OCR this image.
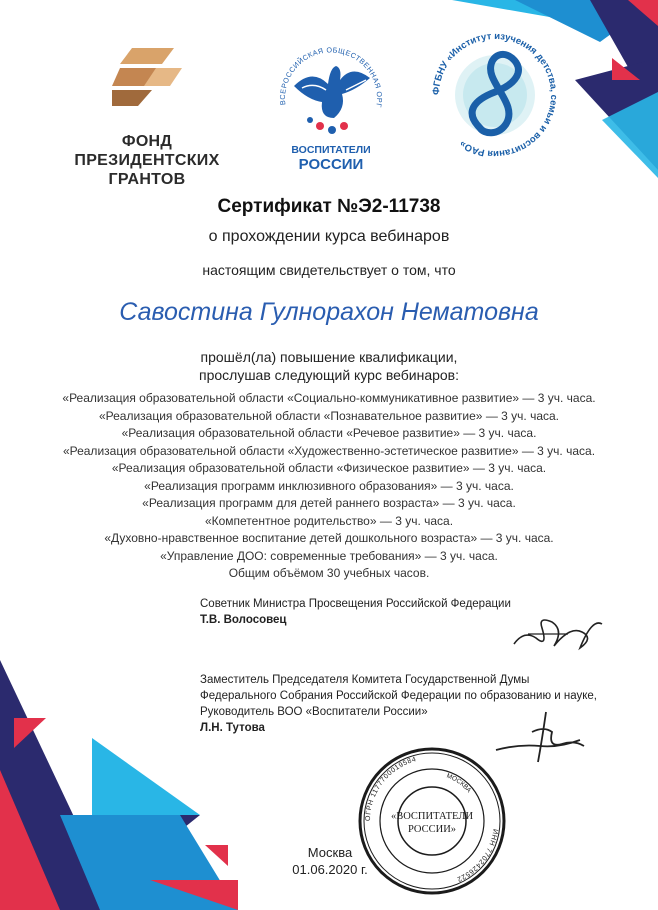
ФОНД
ПРЕЗИДЕНТСКИХ
ГРАНТОВ
ВСЕРОССИЙСКАЯ ОБЩЕСТВЕННАЯ ОРГ
ВОСПИТАТЕЛИ
РОССИИ
ФГБНУ «Институт изучения детства, семьи и воспитания РАО»
Сертификат №Э2-11738
о прохождении курса вебинаров
настоящим свидетельствует о том, что
Савостина Гулнорахон Нематовна
прошёл(ла) повышение квалификации,
прослушав следующий курс вебинаров:
«Реализация образовательной области «Социально-коммуникативное развитие» — 3 уч. часа.
«Реализация образовательной области «Познавательное развитие» — 3 уч. часа.
«Реализация образовательной области «Речевое развитие» — 3 уч. часа.
«Реализация образовательной области «Художественно-эстетическое развитие» — 3 уч. часа.
«Реализация образовательной области «Физическое развитие» — 3 уч. часа.
«Реализация программ инклюзивного образования» — 3 уч. часа.
«Реализация программ для детей раннего возраста» — 3 уч. часа.
«Компетентное родительство» — 3 уч. часа.
«Духовно-нравственное воспитание детей дошкольного возраста» — 3 уч. часа.
«Управление ДОО: современные требования» — 3 уч. часа.
Общим объёмом 30 учебных часов.
Советник Министра Просвещения Российской Федерации
Т.В. Волосовец
Заместитель Председателя Комитета Государственной Думы
Федерального Собрания Российской Федерации по образованию и науке,
Руководитель ВОО «Воспитатели России»
Л.Н. Тутова
ОГРН 1177700019584
ИНН 7702426522
МОСКВА
«ВОСПИТАТЕЛИ
РОССИИ»
Москва
01.06.2020 г.
